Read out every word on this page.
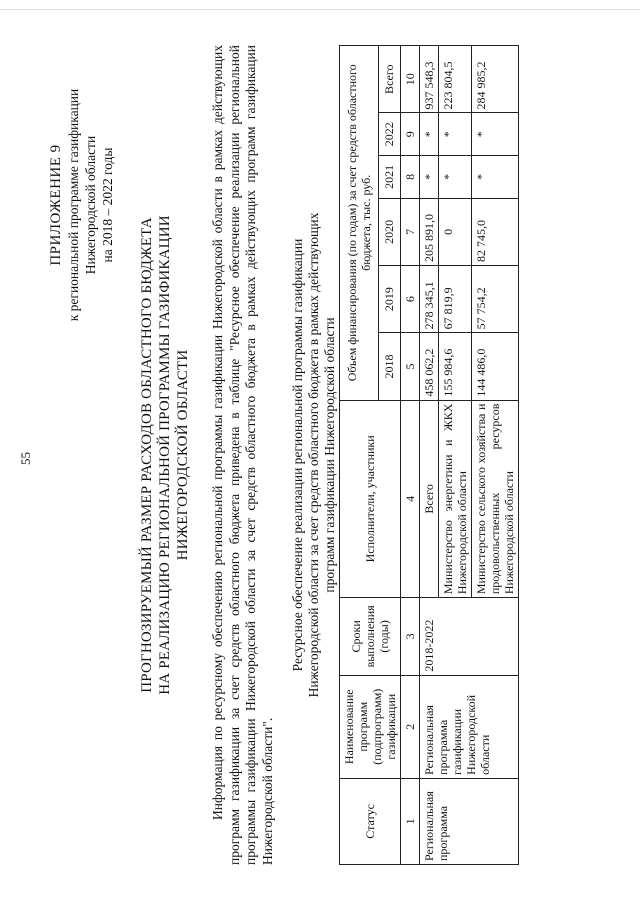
55
ПРИЛОЖЕНИЕ 9 к региональной программе газификации Нижегородской области на 2018 – 2022 годы
ПРОГНОЗИРУЕМЫЙ РАЗМЕР РАСХОДОВ ОБЛАСТНОГО БЮДЖЕТА НА РЕАЛИЗАЦИЮ РЕГИОНАЛЬНОЙ ПРОГРАММЫ ГАЗИФИКАЦИИ НИЖЕГОРОДСКОЙ ОБЛАСТИ Информация по ресурсному обеспечению региональной программы газификации Нижегородской области в рамках действующих программ газификации за счет средств областного бюджета приведена в таблице "Ресурсное обеспечение реализации региональной программы газификации Нижегородской области за счет средств областного бюджета в рамках действующих программ газификации Нижегородской области".
Ресурсное обеспечение реализации региональной программы газификации Нижегородской области за счет средств областного бюджета в рамках действующих программ газификации Нижегородской области
Статус	Наименование программ (подпрограмм) газификации	Сроки выполнения (годы)	Исполнители, участники	Объем финансирования (по годам) за счет средств областного бюджета, тыс. руб.					
				2018	2019	2020	2021	2022	Всего
1	2	3	4	5	6	7	8	9	10
Региональная программа	Региональная программа газификации Нижегородской области	2018-2022	Всего	458 062,2	278 345,1	205 891,0	*	*	937 548,3
			Министерство энергетики и ЖКХ Нижегородской области	155 984,6	67 819,9	0	*	*	223 804,5
			Министерство сельского хозяйства и продовольственных ресурсов Нижегородской области	144 486,0	57 754,2	82 745,0	*	*	284 985,2
